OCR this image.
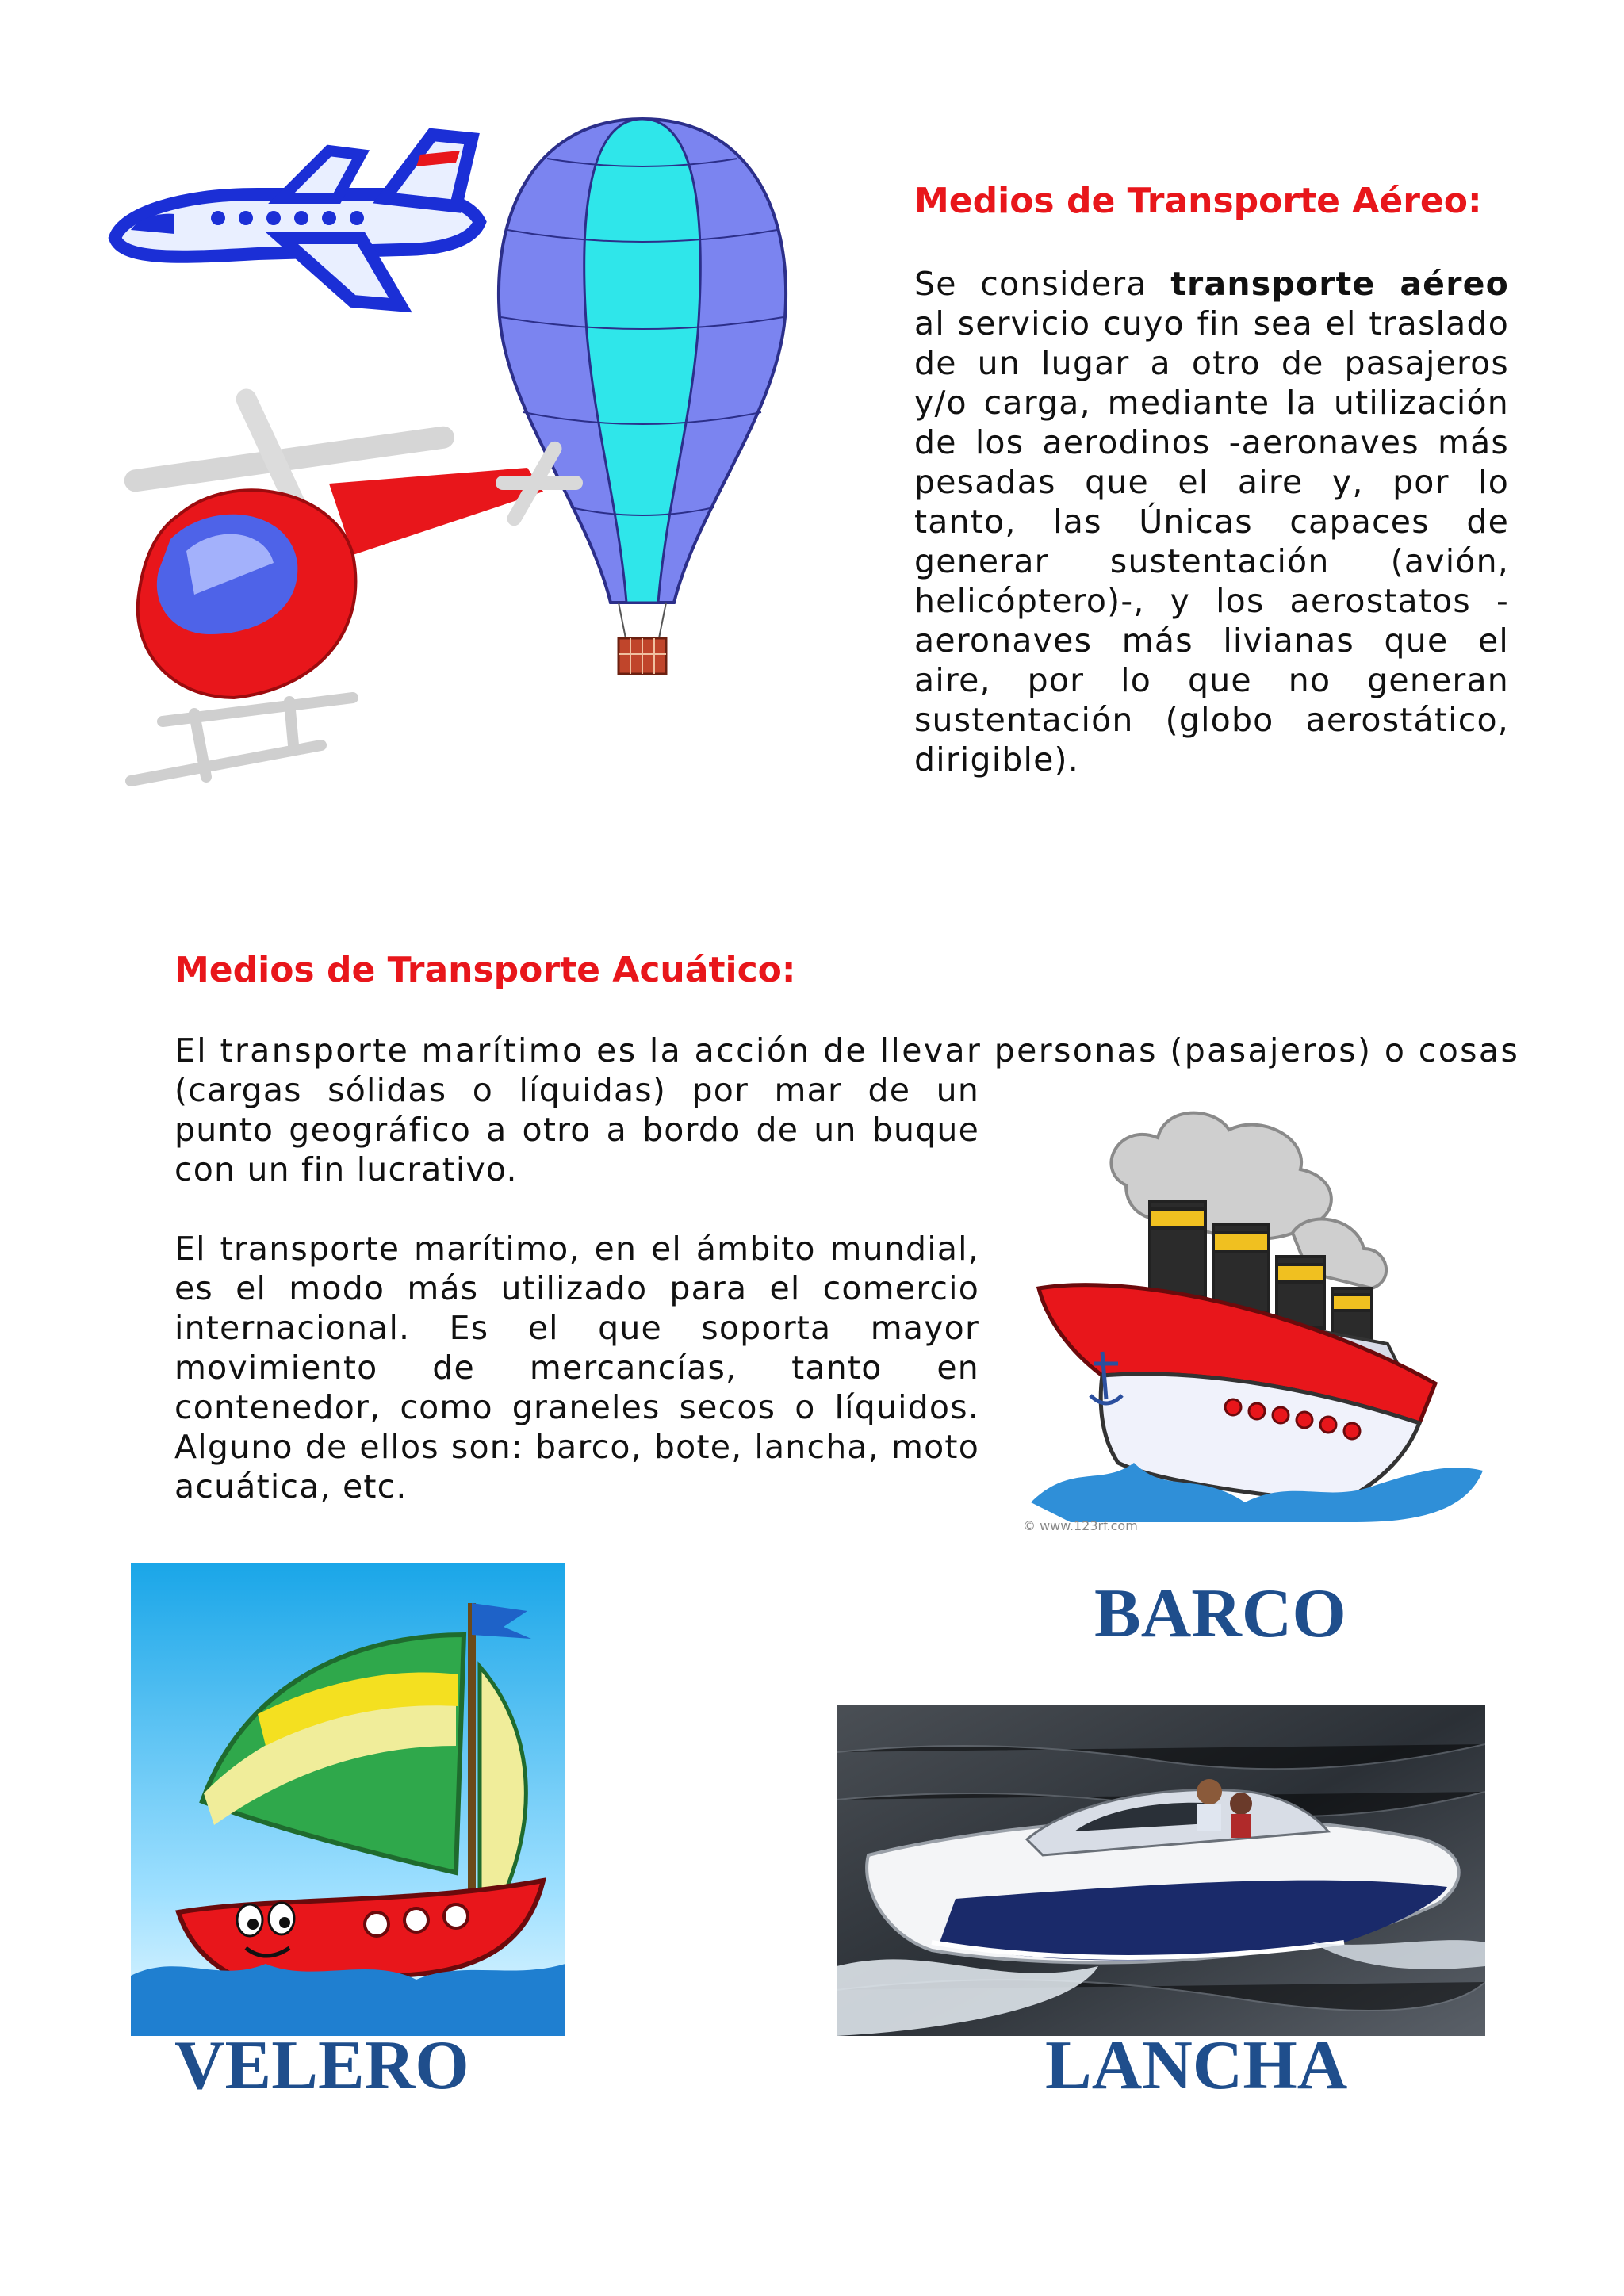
Medios de Transporte Aéreo:
Se considera transporte aéreo al servicio cuyo fin sea el traslado de un lugar a otro de pasajeros y/o carga, mediante la utilización de los aerodinos -aeronaves más pesadas que el aire y, por lo tanto, las Únicas capaces de generar sustentación (avión, helicóptero)-, y los aerostatos -aeronaves más livianas que el aire, por lo que no generan sustentación (globo aerostático, dirigible).
Medios de Transporte Acuático:
El transporte marítimo es la acción de llevar personas (pasajeros) o cosas
(cargas sólidas o líquidas) por mar de un punto geográfico a otro a bordo de un buque con un fin lucrativo.
El transporte marítimo, en el ámbito mundial, es el modo más utilizado para el comercio internacional. Es el que soporta mayor movimiento de mercancías, tanto en contenedor, como graneles secos o líquidos. Alguno de ellos son: barco, bote, lancha, moto acuática, etc.
© www.123rf.com
BARCO
VELERO	LANCHA
